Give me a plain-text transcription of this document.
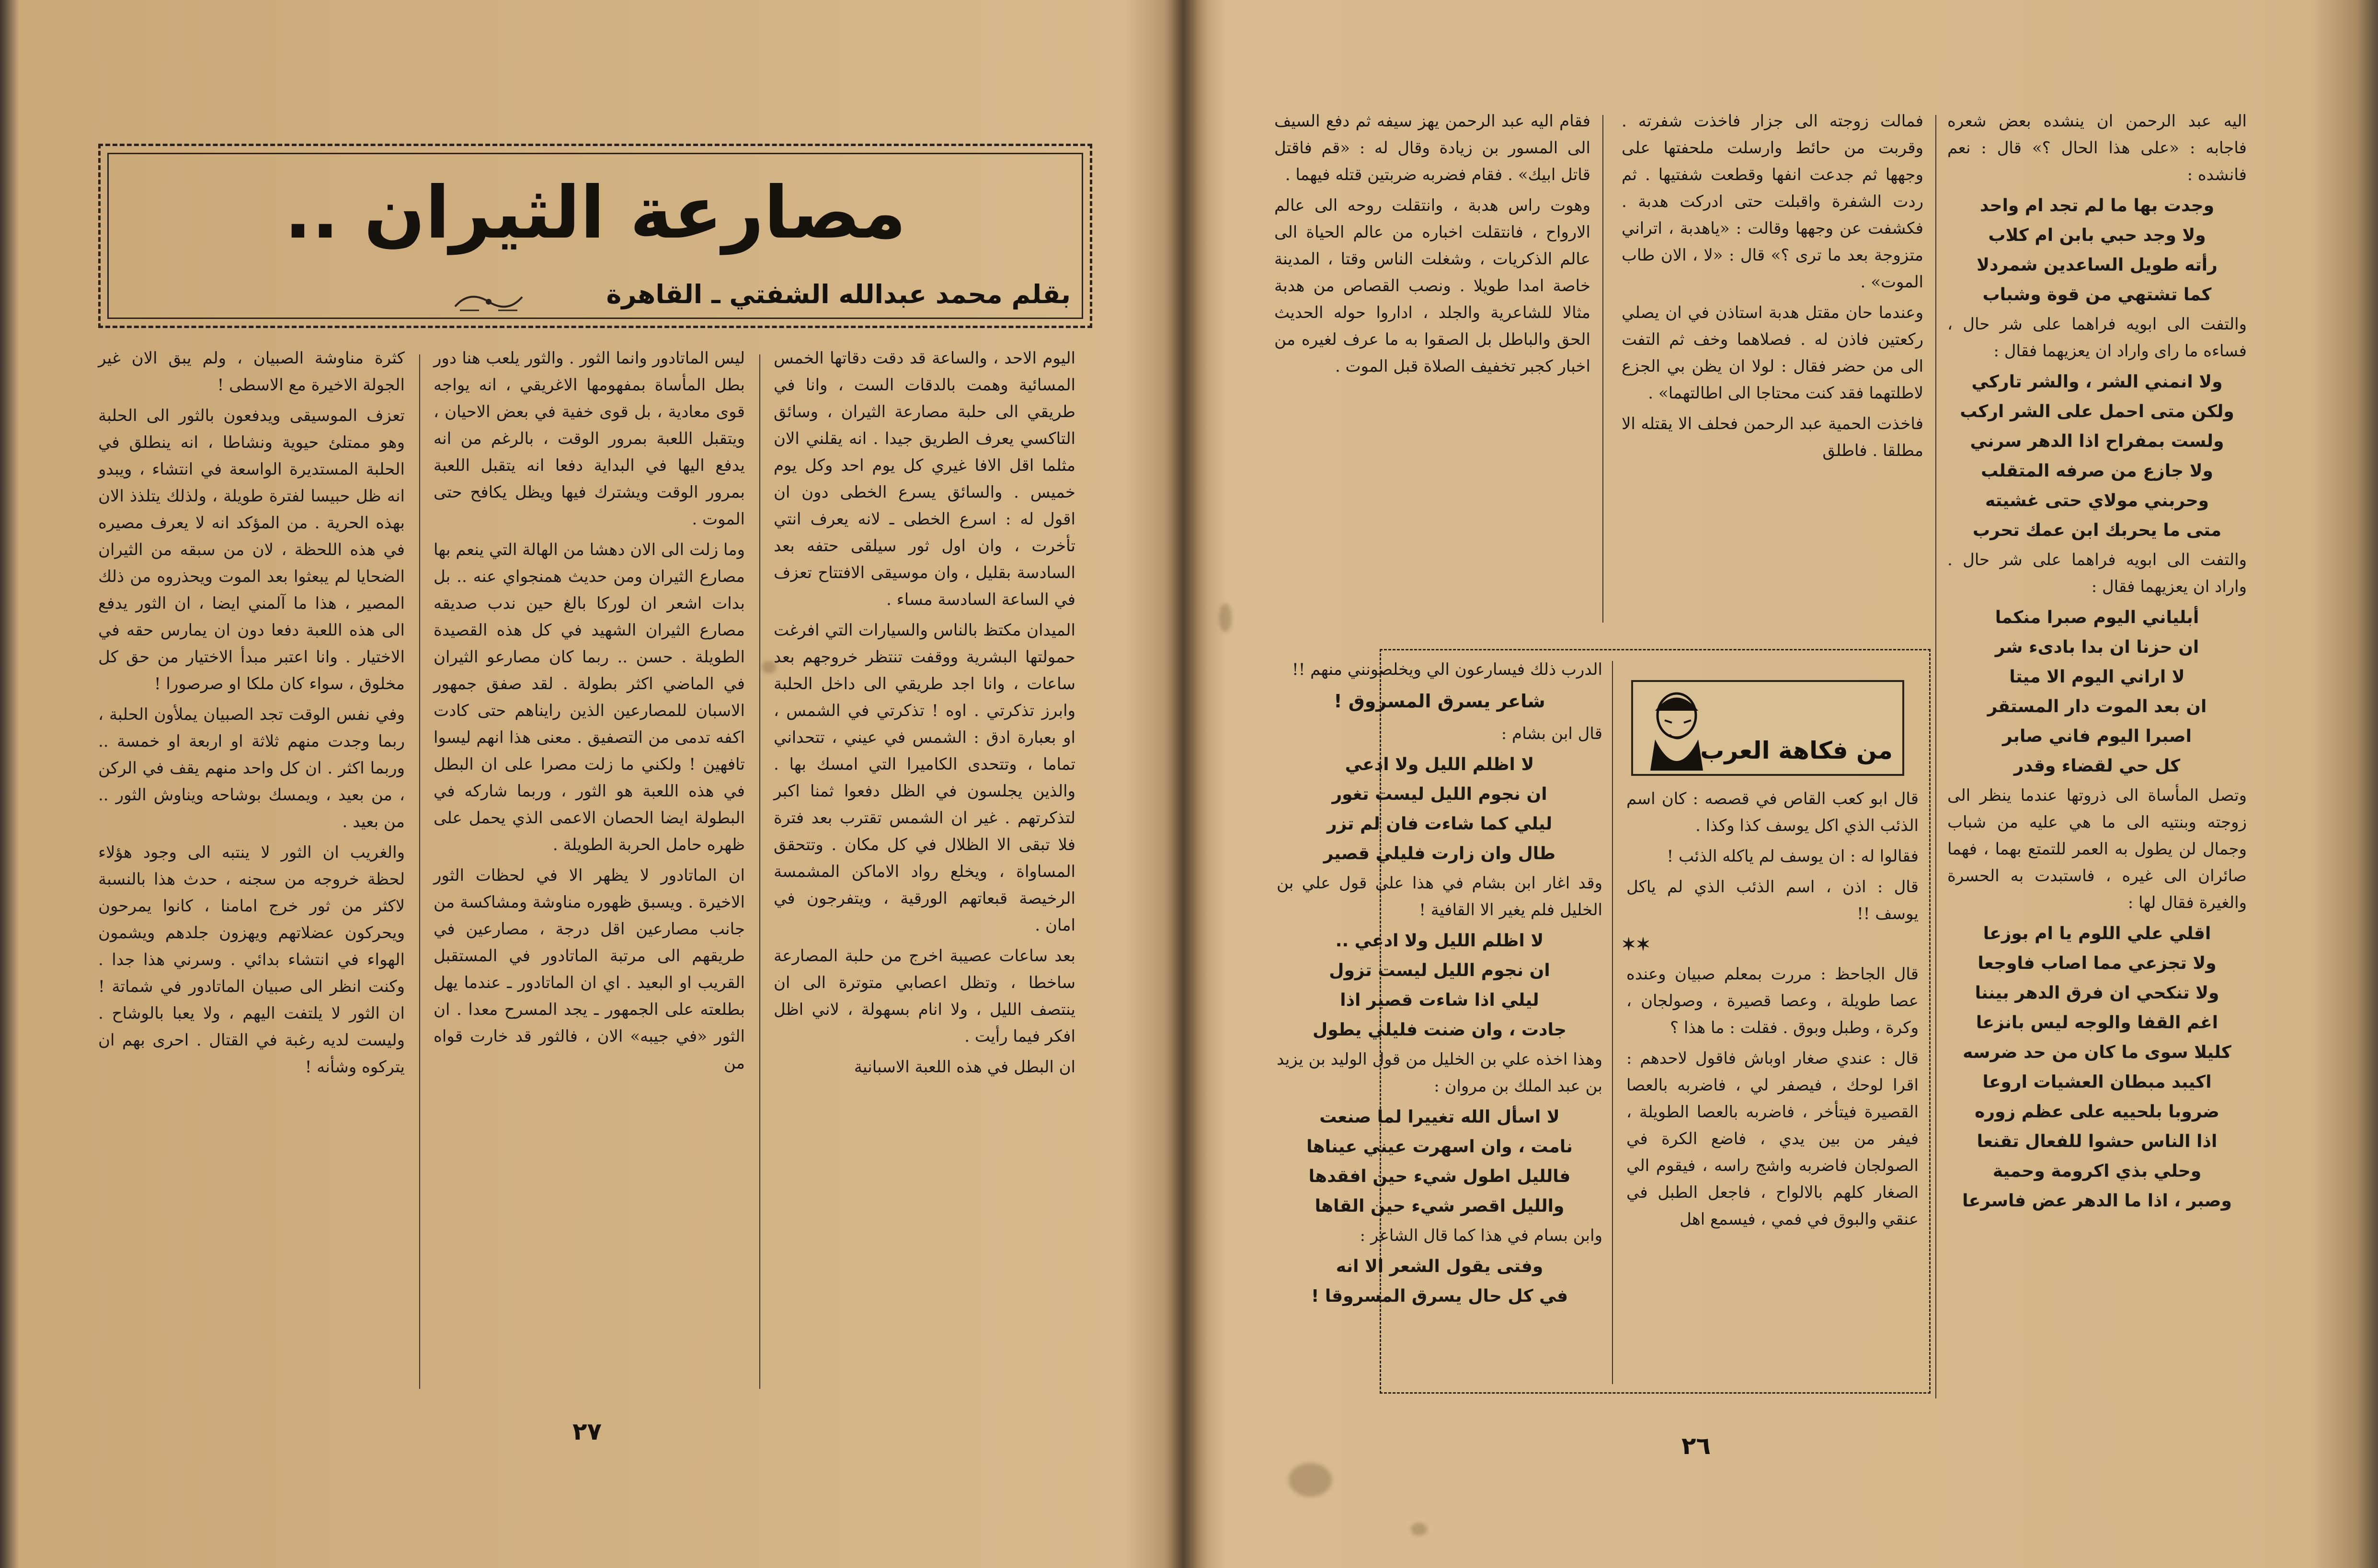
مصارعة الثيران ..
بقلم محمد عبدالله الشفتي ـ القاهرة

اليوم الاحد ، والساعة قد دقت دقاتها الخمس المسائية وهمت بالدقات الست ، وانا في طريقي الى حلبة مصارعة الثيران ، وسائق التاكسي يعرف الطريق جيدا . انه يقلني الان مثلما اقل الافا غيري كل يوم احد وكل يوم خميس . والسائق يسرع الخطى دون ان اقول له : اسرع الخطى ـ لانه يعرف انتي تأخرت ، وان اول ثور سيلقى حتفه بعد السادسة بقليل ، وان موسيقى الافتتاح تعزف في الساعة السادسة مساء .

الميدان مكتظ بالناس والسيارات التي افرغت حمولتها البشرية ووقفت تنتظر خروجهم بعد ساعات ، وانا اجد طريقي الى داخل الحلبة وابرز تذكرتي . اوه ! تذكرتي في الشمس ، او بعبارة ادق : الشمس في عيني ، تتحداني تماما ، وتتحدى الكاميرا التي امسك بها . والذين يجلسون في الظل دفعوا ثمنا اكبر لتذكرتهم . غير ان الشمس تقترب بعد فترة فلا تبقى الا الظلال في كل مكان . وتتحقق المساواة ، ويخلع رواد الاماكن المشمسة الرخيصة قبعاتهم الورقية ، ويتفرجون في امان .

بعد ساعات عصيبة اخرج من حلبة المصارعة ساخطا ، وتظل اعصابي متوترة الى ان ينتصف الليل ، ولا انام بسهولة ، لاني اظل افكر فيما رأيت .

ان البطل في هذه اللعبة الاسبانية

ليس الماتادور وانما الثور . والثور يلعب هنا دور بطل المأساة بمفهومها الاغريقي ، انه يواجه قوى معادية ، بل قوى خفية في بعض الاحيان ، ويتقبل اللعبة بمرور الوقت ، بالرغم من انه يدفع اليها في البداية دفعا انه يتقبل اللعبة بمرور الوقت ويشترك فيها ويظل يكافح حتى الموت .

وما زلت الى الان دهشا من الهالة التي ينعم بها مصارع الثيران ومن حديث همنجواي عنه .. بل بدات اشعر ان لوركا بالغ حين ندب صديقه مصارع الثيران الشهيد في كل هذه القصيدة الطويلة . حسن .. ربما كان مصارعو الثيران في الماضي اكثر بطولة . لقد صفق جمهور الاسبان للمصارعين الذين رايناهم حتى كادت اكفه تدمى من التصفيق . معنى هذا انهم ليسوا تافهين ! ولكني ما زلت مصرا على ان البطل في هذه اللعبة هو الثور ، وربما شاركه في البطولة ايضا الحصان الاعمى الذي يحمل على ظهره حامل الحربة الطويلة .

ان الماتادور لا يظهر الا في لحظات الثور الاخيرة . ويسبق ظهوره مناوشة ومشاكسة من جانب مصارعين اقل درجة ، مصارعين في طريقهم الى مرتبة الماتادور في المستقبل القريب او البعيد . اي ان الماتادور ـ عندما يهل بطلعته على الجمهور ـ يجد المسرح معدا . ان الثور «في جيبه» الان ، فالثور قد خارت قواه من

كثرة مناوشة الصبيان ، ولم يبق الان غير الجولة الاخيرة مع الاسطى !

تعزف الموسيقى ويدفعون بالثور الى الحلبة وهو ممتلئ حيوية ونشاطا ، انه ينطلق في الحلبة المستديرة الواسعة في انتشاء ، ويبدو انه ظل حبيسا لفترة طويلة ، ولذلك يتلذذ الان بهذه الحرية . من المؤكد انه لا يعرف مصيره في هذه اللحظة ، لان من سبقه من الثيران الضحايا لم يبعثوا بعد الموت ويحذروه من ذلك المصير ، هذا ما آلمني ايضا ، ان الثور يدفع الى هذه اللعبة دفعا دون ان يمارس حقه في الاختيار . وانا اعتبر مبدأ الاختيار من حق كل مخلوق ، سواء كان ملكا او صرصورا !

وفي نفس الوقت تجد الصبيان يملأون الحلبة ، ربما وجدت منهم ثلاثة او اربعة او خمسة .. وربما اكثر . ان كل واحد منهم يقف في الركن ، من بعيد ، ويمسك بوشاحه ويناوش الثور .. من بعيد .

والغريب ان الثور لا ينتبه الى وجود هؤلاء لحظة خروجه من سجنه ، حدث هذا بالنسبة لاكثر من ثور خرج امامنا ، كانوا يمرحون ويحركون عضلاتهم ويهزون جلدهم ويشمون الهواء في انتشاء بدائي . وسرني هذا جدا . وكنت انظر الى صبيان الماتادور في شماتة ! ان الثور لا يلتفت اليهم ، ولا يعبا بالوشاح . وليست لديه رغبة في القتال . احرى بهم ان يتركوه وشأنه !

٢٧

اليه عبد الرحمن ان ينشده بعض شعره فاجابه : «على هذا الحال ؟» قال : نعم فانشده :

وجدت بها ما لم تجد ام واحد

ولا وجد حبي بابن ام كلاب

رأته طويل الساعدين شمردلا

كما تشتهي من قوة وشباب

والتفت الى ابويه فراهما على شر حال ، فساءه ما راى واراد ان يعزيهما فقال :

ولا انمني الشر ، والشر تاركي

ولكن متى احمل على الشر اركب

ولست بمفراح اذا الدهر سرني

ولا جازع من صرفه المتقلب

وحربني مولاي حتى غشيته

متى ما يحربك ابن عمك تحرب

والتفت الى ابويه فراهما على شر حال . واراد ان يعزيهما فقال :

أبلياني اليوم صبرا منكما

ان حزنا ان بدا بادىء شر

لا اراني اليوم الا ميتا

ان بعد الموت دار المستقر

اصبرا اليوم فاني صابر

كل حي لقضاء وقدر

وتصل المأساة الى ذروتها عندما ينظر الى زوجته وبنتيه الى ما هي عليه من شباب وجمال لن يطول به العمر للتمتع بهما ، فهما صائران الى غيره ، فاستبدت به الحسرة والغيرة فقال لها :

اقلي علي اللوم يا ام بوزعا

ولا تجزعي مما اصاب فاوجعا

ولا تنكحي ان فرق الدهر بيننا

اغم القفا والوجه ليس بانزعا

كليلا سوى ما كان من حد ضرسه

اكيبد مبطان العشيات اروعا

ضروبا بلحييه على عظم زوره

اذا الناس حشوا للفعال تقنعا

وحلي بذي اكرومة وحمية

وصبر ، اذا ما الدهر عض فاسرعا

فمالت زوجته الى جزار فاخذت شفرته . وقربت من حائط وارسلت ملحفتها على وجهها ثم جدعت انفها وقطعت شفتيها . ثم ردت الشفرة واقبلت حتى ادركت هدبة . فكشفت عن وجهها وقالت : «ياهدبة ، اتراني متزوجة بعد ما ترى ؟» قال : «لا ، الان طاب الموت» .

وعندما حان مقتل هدبة استاذن في ان يصلي ركعتين فاذن له . فصلاهما وخف ثم التفت الى من حضر فقال : لولا ان يظن بي الجزع لاطلتهما فقد كنت محتاجا الى اطالتهما» .

فاخذت الحمية عبد الرحمن فحلف الا يقتله الا مطلقا . فاطلق

فقام اليه عبد الرحمن يهز سيفه ثم دفع السيف الى المسور بن زيادة وقال له : «قم فاقتل قاتل ابيك» . فقام فضربه ضربتين قتله فيهما .

وهوت راس هدبة ، وانتقلت روحه الى عالم الارواح ، فانتقلت اخباره من عالم الحياة الى عالم الذكريات ، وشغلت الناس وقتا ، المدينة خاصة امدا طويلا . ونصب القصاص من هدبة مثالا للشاعرية والجلد ، اداروا حوله الحديث الحق والباطل بل الصقوا به ما عرف لغيره من اخبار كجبر تخفيف الصلاة قبل الموت .

من فكاهة العرب

قال ابو كعب القاص في قصصه : كان اسم الذئب الذي اكل يوسف كذا وكذا .

فقالوا له : ان يوسف لم ياكله الذئب !

قال : اذن ، اسم الذئب الذي لم ياكل يوسف !!

✶✶

قال الجاحظ : مررت بمعلم صبيان وعنده عصا طويلة ، وعصا قصيرة ، وصولجان ، وكرة ، وطبل وبوق . فقلت : ما هذا ؟

قال : عندي صغار اوباش فاقول لاحدهم : اقرا لوحك ، فيصفر لي ، فاضربه بالعصا القصيرة فيتأخر ، فاضربه بالعصا الطويلة ، فيفر من بين يدي ، فاضع الكرة في الصولجان فاضربه واشج راسه ، فيقوم الي الصغار كلهم بالالواح ، فاجعل الطبل في عنقي والبوق في فمي ، فيسمع اهل

الدرب ذلك فيسارعون الي ويخلصونني منهم !!

شاعر يسرق المسروق !

قال ابن بشام :

لا اظلم الليل ولا ادعي

ان نجوم الليل ليست تغور

ليلي كما شاءت فان لم تزر

طال وان زارت فليلي قصير

وقد اغار ابن بشام في هذا على قول علي بن الخليل فلم يغير الا القافية !

لا اظلم الليل ولا ادعي ..

ان نجوم الليل ليست تزول

ليلي اذا شاءت قصير اذا

جادت ، وان ضنت فليلي يطول

وهذا اخذه علي بن الخليل من قول الوليد بن يزيد بن عبد الملك بن مروان :

لا اسأل الله تغييرا لما صنعت

نامت ، وان اسهرت عيني عيناها

فالليل اطول شيء حين افقدها

والليل اقصر شيء حين القاها

وابن بسام في هذا كما قال الشاعر :

وفتى يقول الشعر الا انه

في كل حال يسرق المسروقا !

٢٦
